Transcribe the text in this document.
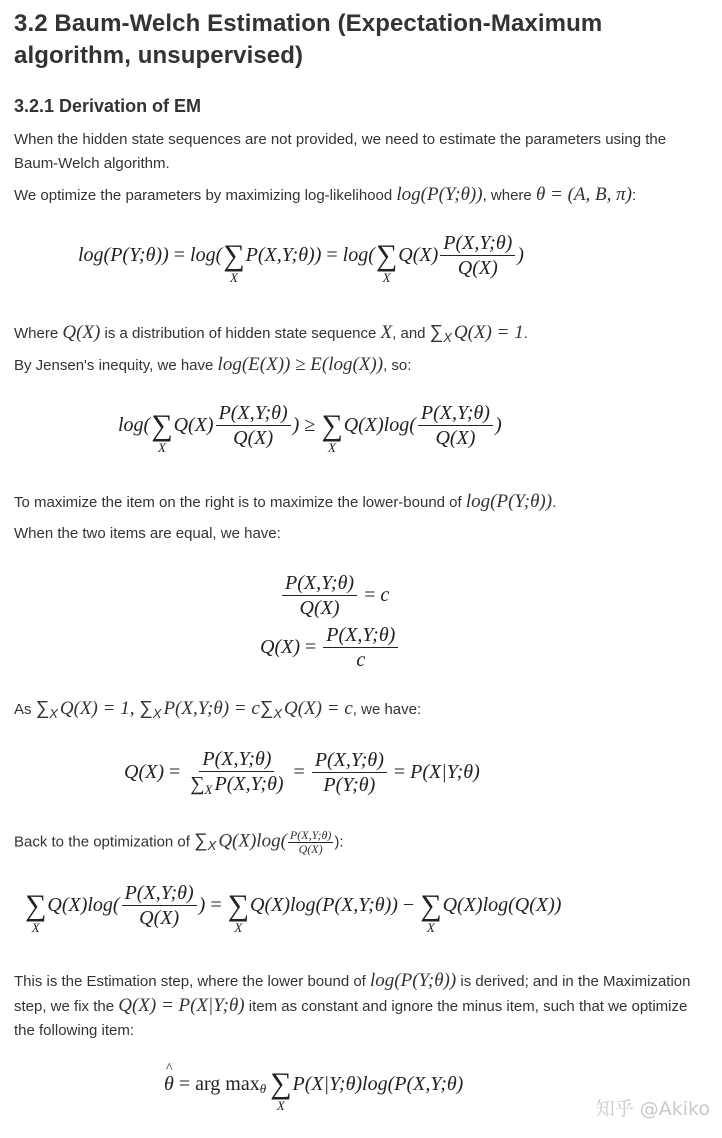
3.2 Baum-Welch Estimation (Expectation-Maximum algorithm, unsupervised)
3.2.1 Derivation of EM
When the hidden state sequences are not provided, we need to estimate the parameters using the Baum-Welch algorithm.
We optimize the parameters by maximizing log-likelihood log(P(Y;θ)), where θ = (A, B, π):
log(P(Y;θ)) = log( ∑
X
P(X,Y;θ)) = log( ∑
X
$Q(X) \frac{P(X,Y;\theta)}{Q(X)}$ )
Where Q(X) is a distribution of hidden state sequence X, and ∑X Q(X) = 1.
By Jensen's inequity, we have log(E(X)) ≥ E(log(X)), so:
log( ∑
X
$Q(X) \frac{P(X,Y;\theta)}{Q(X)}$ ) ≥ ∑
X
$Q(X)\log( \frac{P(X,Y;\theta)}{Q(X)}$ )
To maximize the item on the right is to maximize the lower-bound of log(P(Y;θ)).
When the two items are equal, we have:
$\frac{P(X,Y;\theta)}{Q(X)} = c$
$Q(X) = \frac{P(X,Y;\theta)}{c}$
As ∑X Q(X) = 1, ∑X P(X,Y;θ) = c∑X Q(X) = c, we have:
$Q(X) = \frac{P(X,Y;\theta)}{\sum_X P(X,Y;\theta)} = \frac{P(X,Y;\theta)}{P(Y;\theta)}$ = P(X|Y;θ)
Back to the optimization of ∑X $Q(X)\log( \frac{P(X,Y;\theta)}{Q(X)}$ ):
∑
X
$Q(X)\log( \frac{P(X,Y;\theta)}{Q(X)}$ ) = ∑
X
Q(X)log(P(X,Y;θ)) − ∑
X
Q(X)log(Q(X))
This is the Estimation step, where the lower bound of log(P(Y;θ)) is derived; and in the Maximization step, we fix the Q(X) = P(X|Y;θ) item as constant and ignore the minus item, such that we optimize the following item:
^ θ = arg max θ ∑
X
P(X|Y;θ)log(P(X,Y;θ)
知乎 @Akiko
